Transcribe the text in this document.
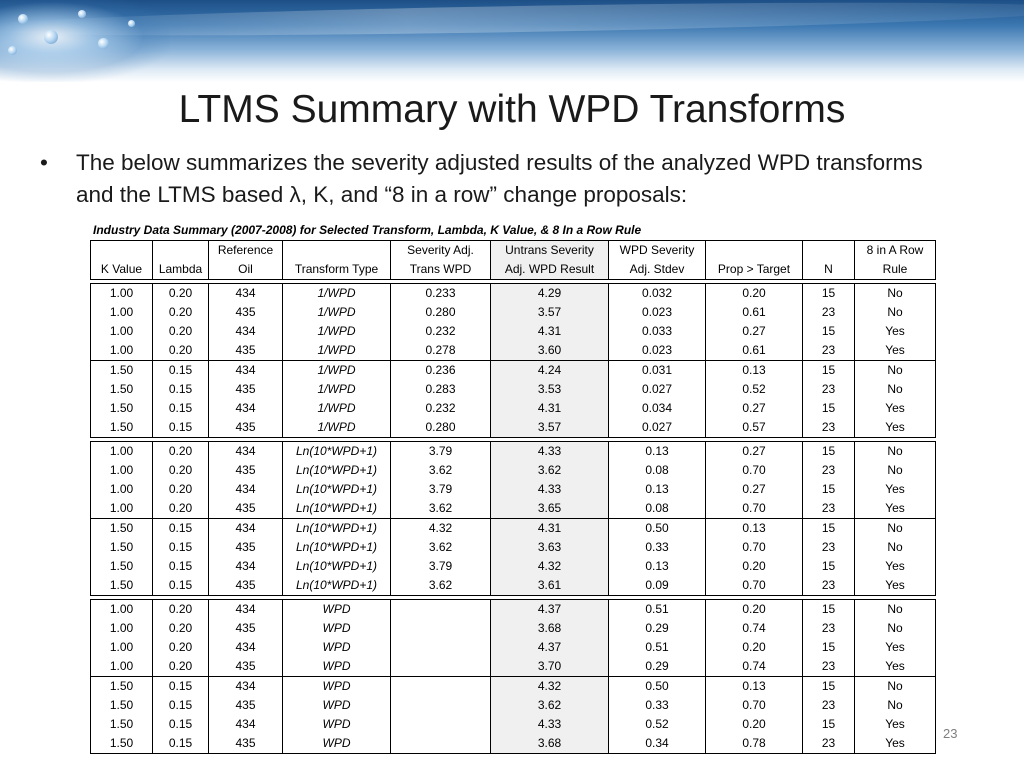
LTMS Summary with WPD Transforms
• The below summarizes the severity adjusted results of the analyzed WPD transforms and the LTMS based λ, K, and “8 in a row” change proposals:
Industry Data Summary (2007-2008) for Selected Transform, Lambda, K Value, & 8 In a Row Rule
		Reference		Severity Adj.	Untrans Severity	WPD Severity			8 in A Row
K Value	Lambda	Oil	Transform Type	Trans WPD	Adj. WPD Result	Adj. Stdev	Prop > Target	N	Rule

1.00	0.20	434	1/WPD	0.233	4.29	0.032	0.20	15	No
1.00	0.20	435	1/WPD	0.280	3.57	0.023	0.61	23	No
1.00	0.20	434	1/WPD	0.232	4.31	0.033	0.27	15	Yes
1.00	0.20	435	1/WPD	0.278	3.60	0.023	0.61	23	Yes
1.50	0.15	434	1/WPD	0.236	4.24	0.031	0.13	15	No
1.50	0.15	435	1/WPD	0.283	3.53	0.027	0.52	23	No
1.50	0.15	434	1/WPD	0.232	4.31	0.034	0.27	15	Yes
1.50	0.15	435	1/WPD	0.280	3.57	0.027	0.57	23	Yes

1.00	0.20	434	Ln(10*WPD+1)	3.79	4.33	0.13	0.27	15	No
1.00	0.20	435	Ln(10*WPD+1)	3.62	3.62	0.08	0.70	23	No
1.00	0.20	434	Ln(10*WPD+1)	3.79	4.33	0.13	0.27	15	Yes
1.00	0.20	435	Ln(10*WPD+1)	3.62	3.65	0.08	0.70	23	Yes
1.50	0.15	434	Ln(10*WPD+1)	4.32	4.31	0.50	0.13	15	No
1.50	0.15	435	Ln(10*WPD+1)	3.62	3.63	0.33	0.70	23	No
1.50	0.15	434	Ln(10*WPD+1)	3.79	4.32	0.13	0.20	15	Yes
1.50	0.15	435	Ln(10*WPD+1)	3.62	3.61	0.09	0.70	23	Yes

1.00	0.20	434	WPD		4.37	0.51	0.20	15	No
1.00	0.20	435	WPD		3.68	0.29	0.74	23	No
1.00	0.20	434	WPD		4.37	0.51	0.20	15	Yes
1.00	0.20	435	WPD		3.70	0.29	0.74	23	Yes
1.50	0.15	434	WPD		4.32	0.50	0.13	15	No
1.50	0.15	435	WPD		3.62	0.33	0.70	23	No
1.50	0.15	434	WPD		4.33	0.52	0.20	15	Yes
1.50	0.15	435	WPD		3.68	0.34	0.78	23	Yes
23
